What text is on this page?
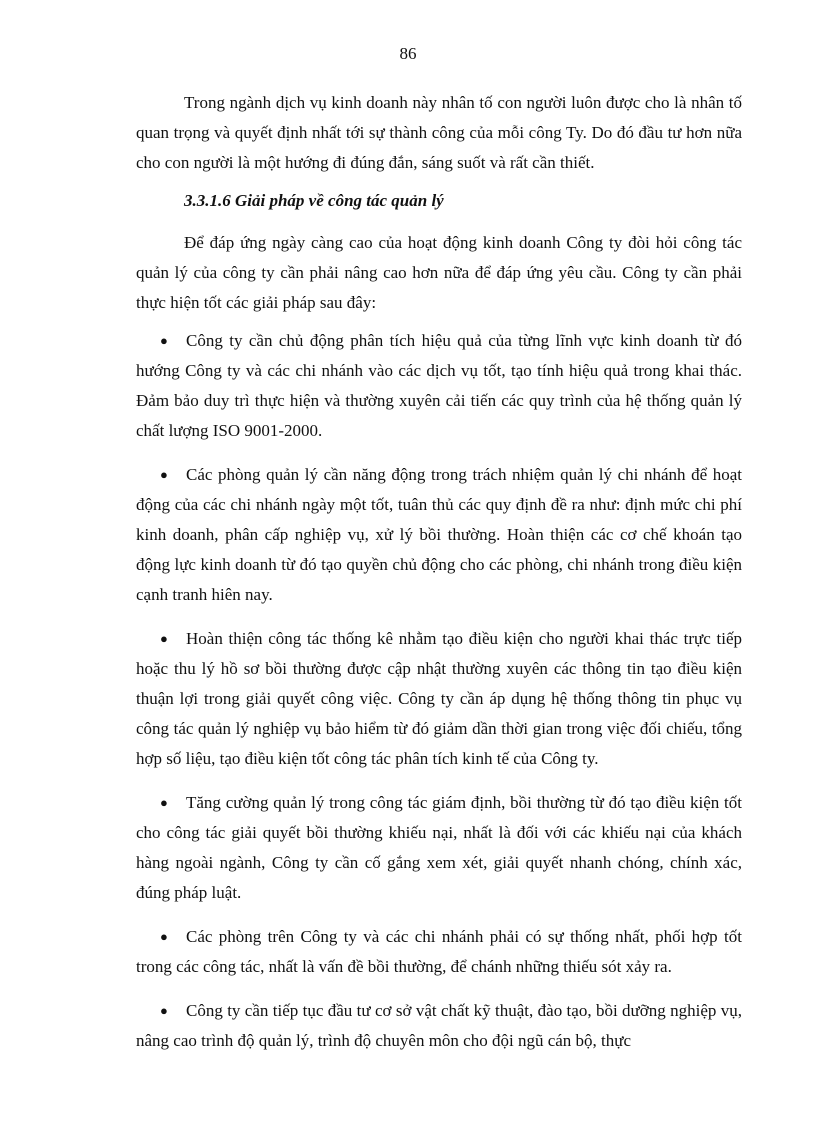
86

Trong ngành dịch vụ kinh doanh này nhân tố con người luôn được cho là nhân tố quan trọng và quyết định nhất tới sự thành công của mỗi công Ty. Do đó đầu tư hơn nữa cho con người là một hướng đi đúng đắn, sáng suốt và rất cần thiết.

3.3.1.6 Giải pháp về công tác quản lý

Để đáp ứng ngày càng cao của hoạt động kinh doanh Công ty đòi hỏi công tác quản lý của công ty cần phải nâng cao hơn nữa để đáp ứng yêu cầu. Công ty cần phải thực hiện tốt các giải pháp sau đây:

● Công ty cần chủ động phân tích hiệu quả của từng lĩnh vực kinh doanh từ đó hướng Công ty và các chi nhánh vào các dịch vụ tốt, tạo tính hiệu quả trong khai thác. Đảm bảo duy trì thực hiện và thường xuyên cải tiến các quy trình của hệ thống quản lý chất lượng ISO 9001-2000.

● Các phòng quản lý cần năng động trong trách nhiệm quản lý chi nhánh để hoạt động của các chi nhánh ngày một tốt, tuân thủ các quy định đề ra như: định mức chi phí kinh doanh, phân cấp nghiệp vụ, xử lý bồi thường. Hoàn thiện các cơ chế khoán tạo động lực kinh doanh từ đó tạo quyền chủ động cho các phòng, chi nhánh trong điều kiện cạnh tranh hiên nay.

● Hoàn thiện công tác thống kê nhằm tạo điều kiện cho người khai thác trực tiếp hoặc thu lý hồ sơ bồi thường được cập nhật thường xuyên các thông tin tạo điều kiện thuận lợi trong giải quyết công việc. Công ty cần áp dụng hệ thống thông tin phục vụ công tác quản lý nghiệp vụ bảo hiểm từ đó giảm dần thời gian trong việc đối chiếu, tổng hợp số liệu, tạo điều kiện tốt công tác phân tích kinh tế của Công ty.

● Tăng cường quản lý trong công tác giám định, bồi thường từ đó tạo điều kiện tốt cho công tác giải quyết bồi thường khiếu nại, nhất là đối với các khiếu nại của khách hàng ngoài ngành, Công ty cần cố gắng xem xét, giải quyết nhanh chóng, chính xác, đúng pháp luật.

● Các phòng trên Công ty và các chi nhánh phải có sự thống nhất, phối hợp tốt trong các công tác, nhất là vấn đề bồi thường, để chánh những thiếu sót xảy ra.

● Công ty cần tiếp tục đầu tư cơ sở vật chất kỹ thuật, đào tạo, bồi dưỡng nghiệp vụ, nâng cao trình độ quản lý, trình độ chuyên môn cho đội ngũ cán bộ, thực
